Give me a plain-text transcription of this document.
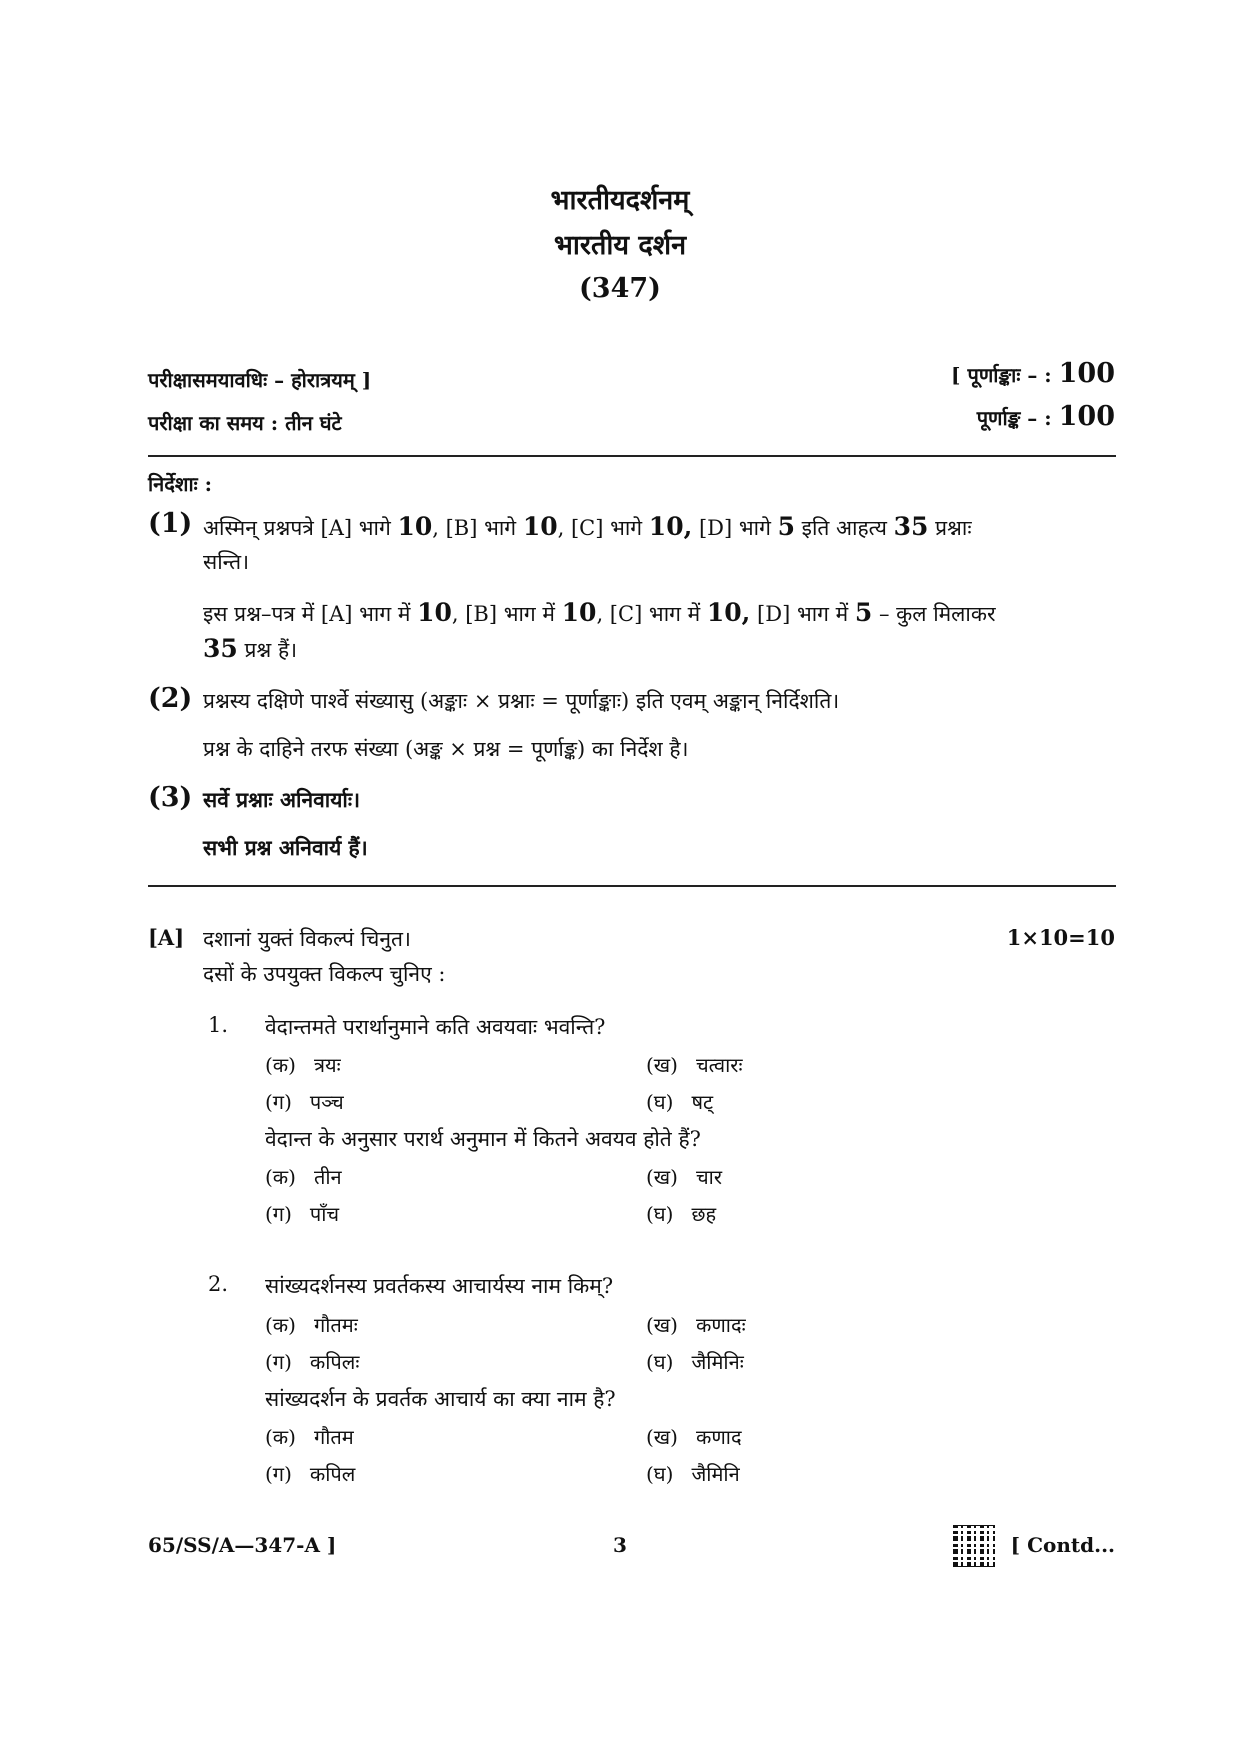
भारतीयदर्शनम्
भारतीय दर्शन
(347)
परीक्षासमयावधिः – होरात्रयम् ]	[ पूर्णाङ्काः – : 100
परीक्षा का समय : तीन घंटे	पूर्णाङ्क – : 100
निर्देशाः :
(1) अस्मिन् प्रश्नपत्रे [A] भागे 10, [B] भागे 10, [C] भागे 10, [D] भागे 5 इति आहत्य 35 प्रश्नाः
सन्ति।
इस प्रश्न–पत्र में [A] भाग में 10, [B] भाग में 10, [C] भाग में 10, [D] भाग में 5 – कुल मिलाकर
35 प्रश्न हैं।
(2) प्रश्नस्य दक्षिणे पार्श्वे संख्यासु (अङ्काः × प्रश्नाः = पूर्णाङ्काः) इति एवम् अङ्कान् निर्दिशति।
प्रश्न के दाहिने तरफ संख्या (अङ्क × प्रश्न = पूर्णाङ्क) का निर्देश है।
(3) सर्वे प्रश्नाः अनिवार्याः।
सभी प्रश्न अनिवार्य हैं।
[A] दशानां युक्तं विकल्पं चिनुत।	1×10=10
दसों के उपयुक्त विकल्प चुनिए :
1. वेदान्तमते परार्थानुमाने कति अवयवाः भवन्ति?
(क) त्रयः	(ख) चत्वारः
(ग) पञ्च	(घ) षट्
वेदान्त के अनुसार परार्थ अनुमान में कितने अवयव होते हैं?
(क) तीन	(ख) चार
(ग) पाँच	(घ) छह
2. सांख्यदर्शनस्य प्रवर्तकस्य आचार्यस्य नाम किम्?
(क) गौतमः	(ख) कणादः
(ग) कपिलः	(घ) जैमिनिः
सांख्यदर्शन के प्रवर्तक आचार्य का क्या नाम है?
(क) गौतम	(ख) कणाद
(ग) कपिल	(घ) जैमिनि
65/SS/A—347-A ]	3	[ Contd...
